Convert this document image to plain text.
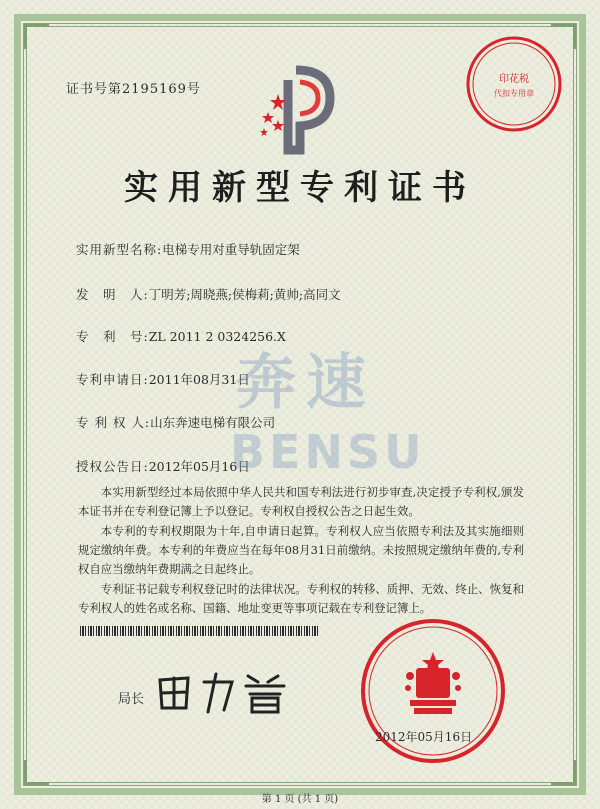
证书号第2195169号
印花税
代扣专用章
实用新型专利证书
实用新型名称:电梯专用对重导轨固定架
发　明　人:丁明芳;周晓燕;侯梅莉;黄帅;高同文
专　利　号:ZL 2011 2 0324256.X
专利申请日:2011年08月31日
专 利 权 人:山东奔速电梯有限公司
授权公告日:2012年05月16日
奔速
BENSU
本实用新型经过本局依照中华人民共和国专利法进行初步审查,决定授予专利权,颁发本证书并在专利登记簿上予以登记。专利权自授权公告之日起生效。
本专利的专利权期限为十年,自申请日起算。专利权人应当依照专利法及其实施细则规定缴纳年费。本专利的年费应当在每年08月31日前缴纳。未按照规定缴纳年费的,专利权自应当缴纳年费期满之日起终止。
专利证书记载专利权登记时的法律状况。专利权的转移、质押、无效、终止、恢复和专利权人的姓名或名称、国籍、地址变更等事项记载在专利登记簿上。
局长
2012年05月16日
第 1 页 (共 1 页)
